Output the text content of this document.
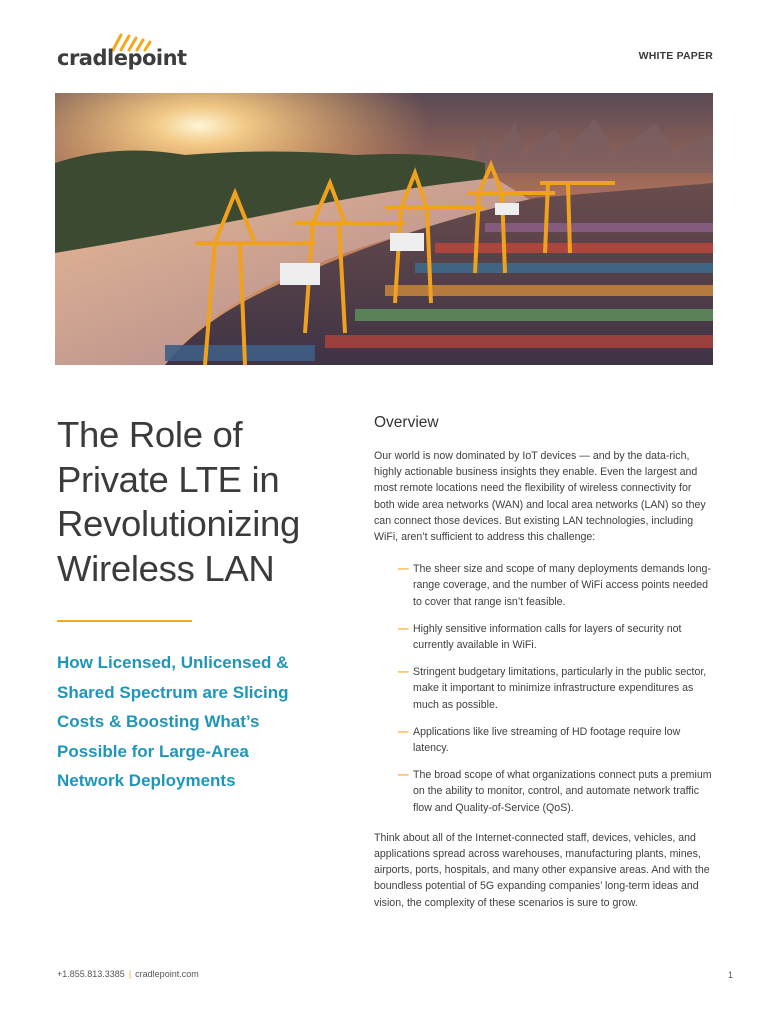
cradlepoint	WHITE PAPER
The Role of
Private LTE in
Revolutionizing
Wireless LAN
How Licensed, Unlicensed &
Shared Spectrum are Slicing
Costs & Boosting What’s
Possible for Large-Area
Network Deployments
Overview

Our world is now dominated by IoT devices — and by the data-rich, highly actionable business insights they enable. Even the largest and most remote locations need the flexibility of wireless connectivity for both wide area networks (WAN) and local area networks (LAN) so they can connect those devices. But existing LAN technologies, including WiFi, aren’t sufficient to address this challenge:

— The sheer size and scope of many deployments demands long-range coverage, and the number of WiFi access points needed to cover that range isn’t feasible.
— Highly sensitive information calls for layers of security not currently available in WiFi.
— Stringent budgetary limitations, particularly in the public sector, make it important to minimize infrastructure expenditures as much as possible.
— Applications like live streaming of HD footage require low latency.
— The broad scope of what organizations connect puts a premium on the ability to monitor, control, and automate network traffic flow and Quality-of-Service (QoS).

Think about all of the Internet-connected staff, devices, vehicles, and applications spread across warehouses, manufacturing plants, mines, airports, ports, hospitals, and many other expansive areas. And with the boundless potential of 5G expanding companies’ long-term ideas and vision, the complexity of these scenarios is sure to grow.

+1.855.813.3385 | cradlepoint.com	1
